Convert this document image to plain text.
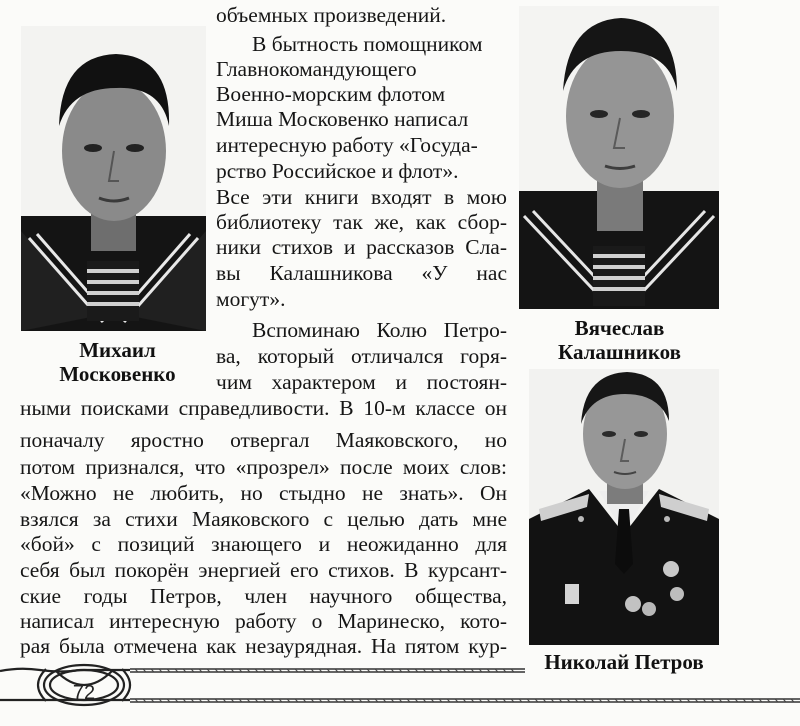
Михаил
Московенко

Вячеслав
Калашников

Николай Петров

объемных произведений.

В бытность помощником

Главнокомандующего

Военно-морским флотом

Миша Московенко написал

интересную работу «Госуда-

рство Российское и флот».

Все эти книги входят в мою

библиотеку так же, как сбор-

ники стихов и рассказов Сла-

вы Калашникова «У нас

могут».

Вспоминаю Колю Петро-

ва, который отличался горя-

чим характером и постоян-

ными поисками справедливости. В 10-м классе он

поначалу яростно отвергал Маяковского, но

потом признался, что «прозрел» после моих слов:

«Можно не любить, но стыдно не знать». Он

взялся за стихи Маяковского с целью дать мне

«бой» с позиций знающего и неожиданно для

себя был покорён энергией его стихов. В курсант-

ские годы Петров, член научного общества,

написал интересную работу о Маринеско, кото-

рая была отмечена как незаурядная. На пятом кур-

72
